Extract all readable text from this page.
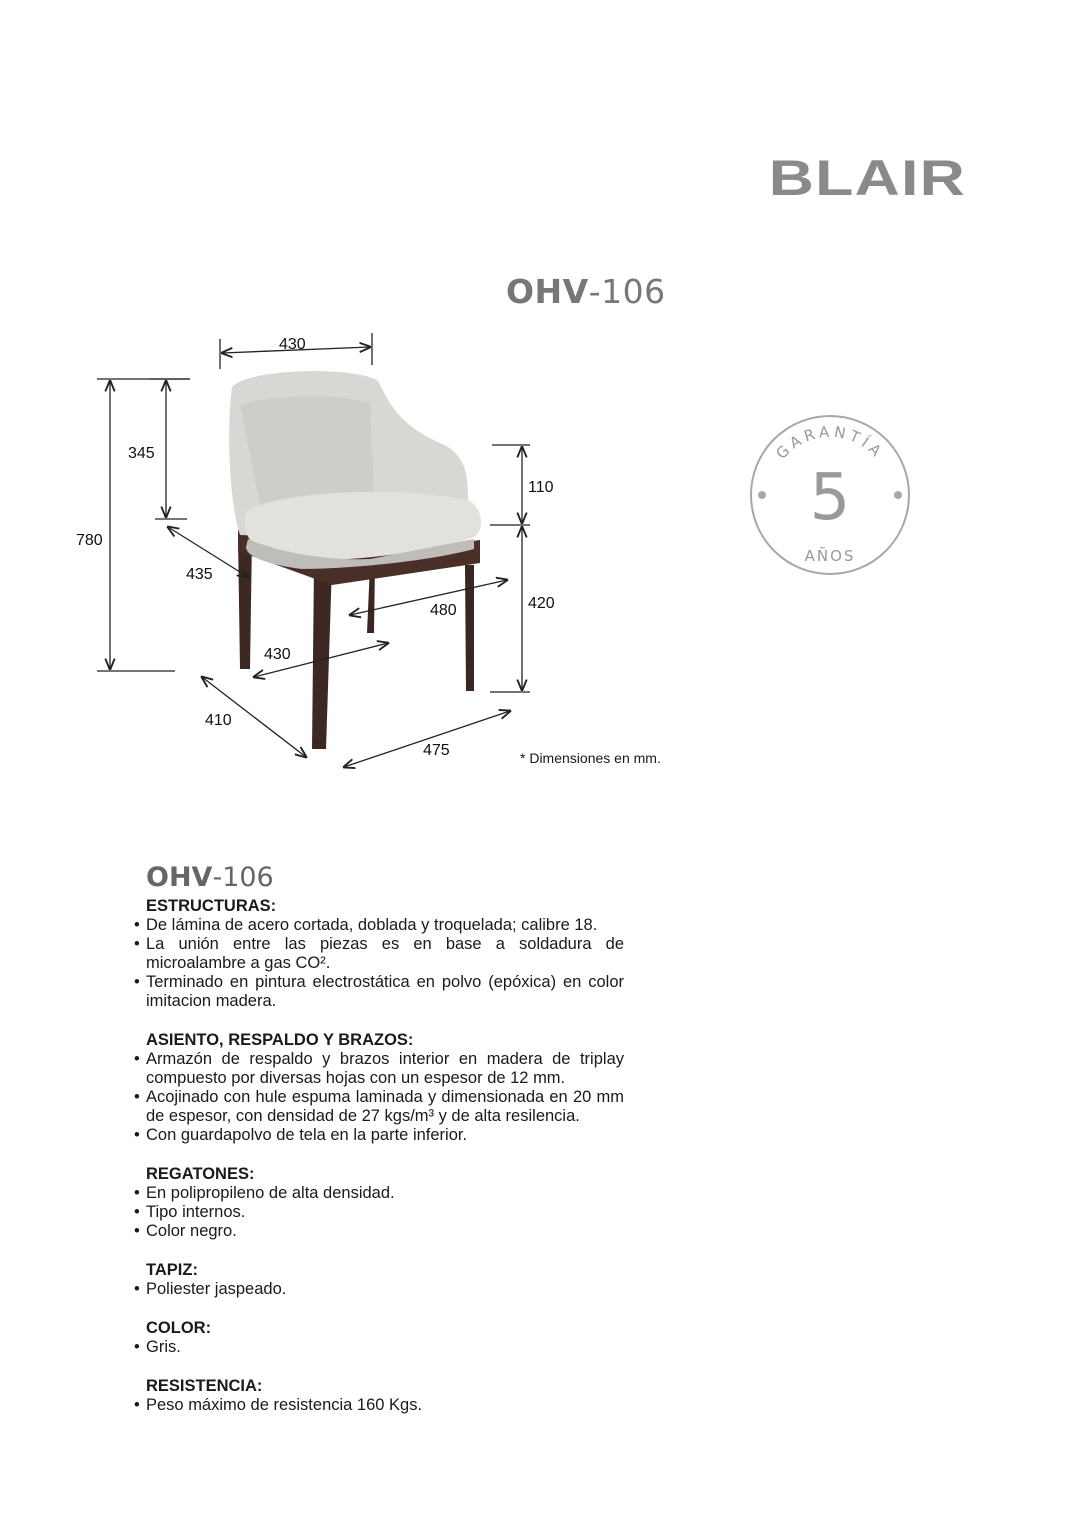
BLAIR
OHV-106
430
345
780
435
430
410
110
420
480
475	* Dimensiones en mm.
GARANTÍA
5
AÑOS
OHV-106
ESTRUCTURAS:
• De lámina de acero cortada, doblada y troquelada; calibre 18.
• La unión entre las piezas es en base a soldadura de microalambre a gas CO².
• Terminado en pintura electrostática en polvo (epóxica) en color imitacion madera.
ASIENTO, RESPALDO Y BRAZOS:
• Armazón de respaldo y brazos interior en madera de triplay compuesto por diversas hojas con un espesor de 12 mm.
• Acojinado con hule espuma laminada y dimensionada en 20 mm de espesor, con densidad de 27 kgs/m³ y de alta resilencia.
• Con guardapolvo de tela en la parte inferior.
REGATONES:
• En polipropileno de alta densidad.
• Tipo internos.
• Color negro.
TAPIZ:
• Poliester jaspeado.
COLOR:
• Gris.
RESISTENCIA:
• Peso máximo de resistencia 160 Kgs.
